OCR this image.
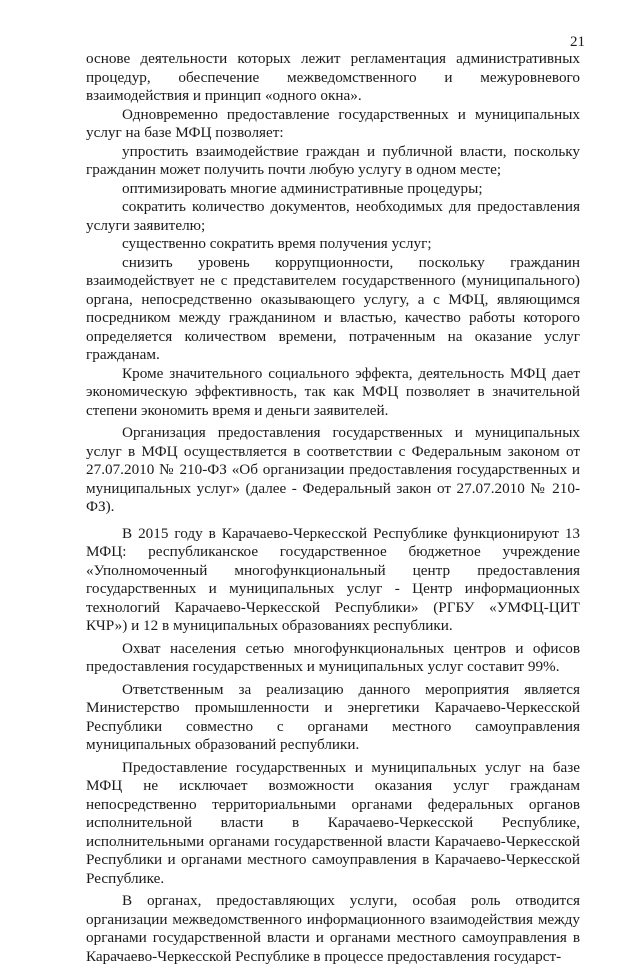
21

основе деятельности которых лежит регламентация административных процедур, обеспечение межведомственного и межуровневого взаимодействия и принцип «одного окна».

Одновременно предоставление государственных и муниципальных услуг на базе МФЦ позволяет:

упростить взаимодействие граждан и публичной власти, поскольку гражданин может получить почти любую услугу в одном месте;

оптимизировать многие административные процедуры;

сократить количество документов, необходимых для предоставления услуги заявителю;

существенно сократить время получения услуг;

снизить уровень коррупционности, поскольку гражданин взаимодействует не с представителем государственного (муниципального) органа, непосредственно оказывающего услугу, а с МФЦ, являющимся посредником между гражданином и властью, качество работы которого определяется количеством времени, потраченным на оказание услуг гражданам.

Кроме значительного социального эффекта, деятельность МФЦ дает экономическую эффективность, так как МФЦ позволяет в значительной степени экономить время и деньги заявителей.

Организация предоставления государственных и муниципальных услуг в МФЦ осуществляется в соответствии с Федеральным законом от 27.07.2010 № 210-ФЗ «Об организации предоставления государственных и муниципальных услуг» (далее - Федеральный закон от 27.07.2010 № 210-ФЗ).

В 2015 году в Карачаево-Черкесской Республике функционируют 13 МФЦ: республиканское государственное бюджетное учреждение «Уполномоченный многофункциональный центр предоставления государственных и муниципальных услуг - Центр информационных технологий Карачаево-Черкесской Республики» (РГБУ «УМФЦ-ЦИТ КЧР») и 12 в муниципальных образованиях республики.

Охват населения сетью многофункциональных центров и офисов предоставления государственных и муниципальных услуг составит 99%.

Ответственным за реализацию данного мероприятия является Министерство промышленности и энергетики Карачаево-Черкесской Республики совместно с органами местного самоуправления муниципальных образований республики.

Предоставление государственных и муниципальных услуг на базе МФЦ не исключает возможности оказания услуг гражданам непосредственно территориальными органами федеральных органов исполнительной власти в Карачаево-Черкесской Республике, исполнительными органами государственной власти Карачаево-Черкесской Республики и органами местного самоуправления в Карачаево-Черкесской Республике.

В органах, предоставляющих услуги, особая роль отводится организации межведомственного информационного взаимодействия между органами государственной власти и органами местного самоуправления в Карачаево-Черкесской Республике в процессе предоставления государст-
